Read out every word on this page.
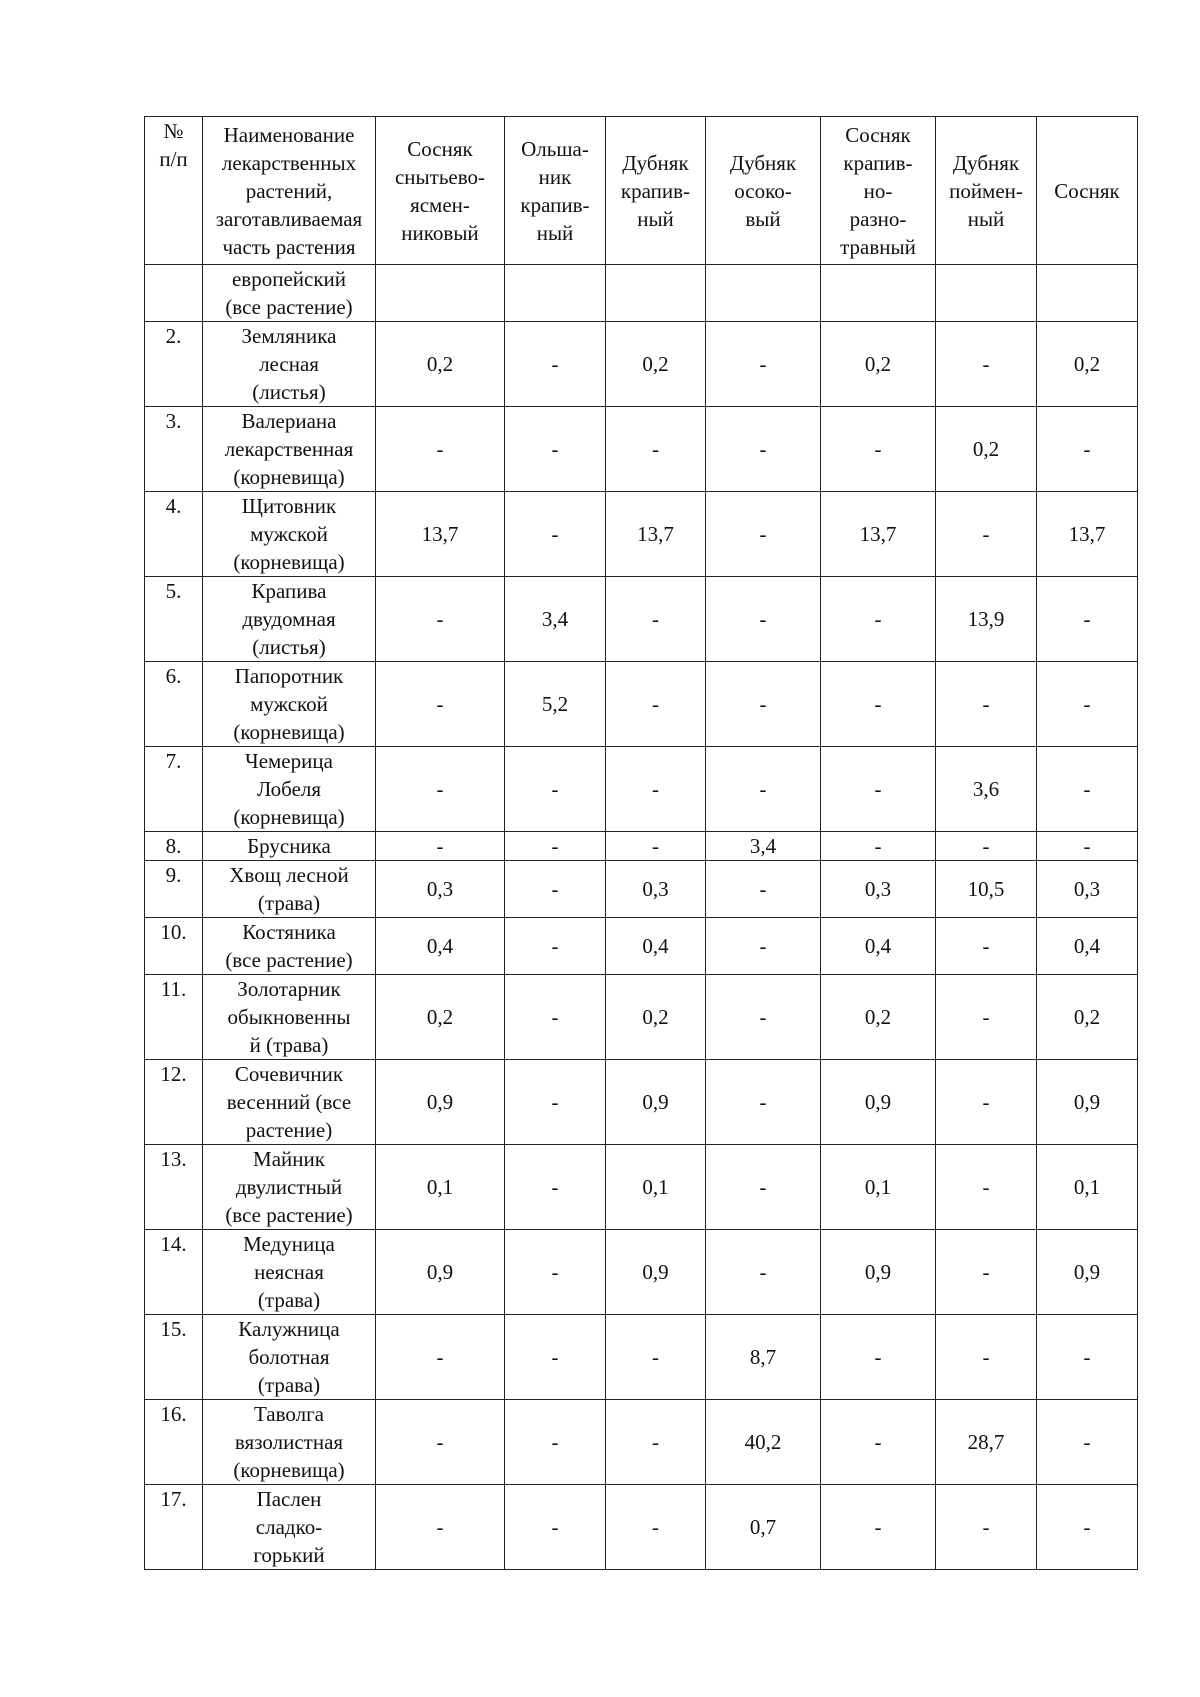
№
п/п	Наименование
лекарственных
растений,
заготавливаемая
часть растения	Сосняк
снытьево-
ясмен-
никовый	Ольша-
ник
крапив-
ный	Дубняк
крапив-
ный	Дубняк
осоко-
вый	Сосняк
крапив-
но-
разно-
травный	Дубняк
поймен-
ный	Сосняк
	европейский
(все растение)							
2.	Земляника
лесная
(листья)	0,2	-	0,2	-	0,2	-	0,2
3.	Валериана
лекарственная
(корневища)	-	-	-	-	-	0,2	-
4.	Щитовник
мужской
(корневища)	13,7	-	13,7	-	13,7	-	13,7
5.	Крапива
двудомная
(листья)	-	3,4	-	-	-	13,9	-
6.	Папоротник
мужской
(корневища)	-	5,2	-	-	-	-	-
7.	Чемерица
Лобеля
(корневища)	-	-	-	-	-	3,6	-
8.	Брусника	-	-	-	3,4	-	-	-
9.	Хвощ лесной
(трава)	0,3	-	0,3	-	0,3	10,5	0,3
10.	Костяника
(все растение)	0,4	-	0,4	-	0,4	-	0,4
11.	Золотарник
обыкновенны
й (трава)	0,2	-	0,2	-	0,2	-	0,2
12.	Сочевичник
весенний (все
растение)	0,9	-	0,9	-	0,9	-	0,9
13.	Майник
двулистный
(все растение)	0,1	-	0,1	-	0,1	-	0,1
14.	Медуница
неясная
(трава)	0,9	-	0,9	-	0,9	-	0,9
15.	Калужница
болотная
(трава)	-	-	-	8,7	-	-	-
16.	Таволга
вязолистная
(корневища)	-	-	-	40,2	-	28,7	-
17.	Паслен
сладко-
горький	-	-	-	0,7	-	-	-
